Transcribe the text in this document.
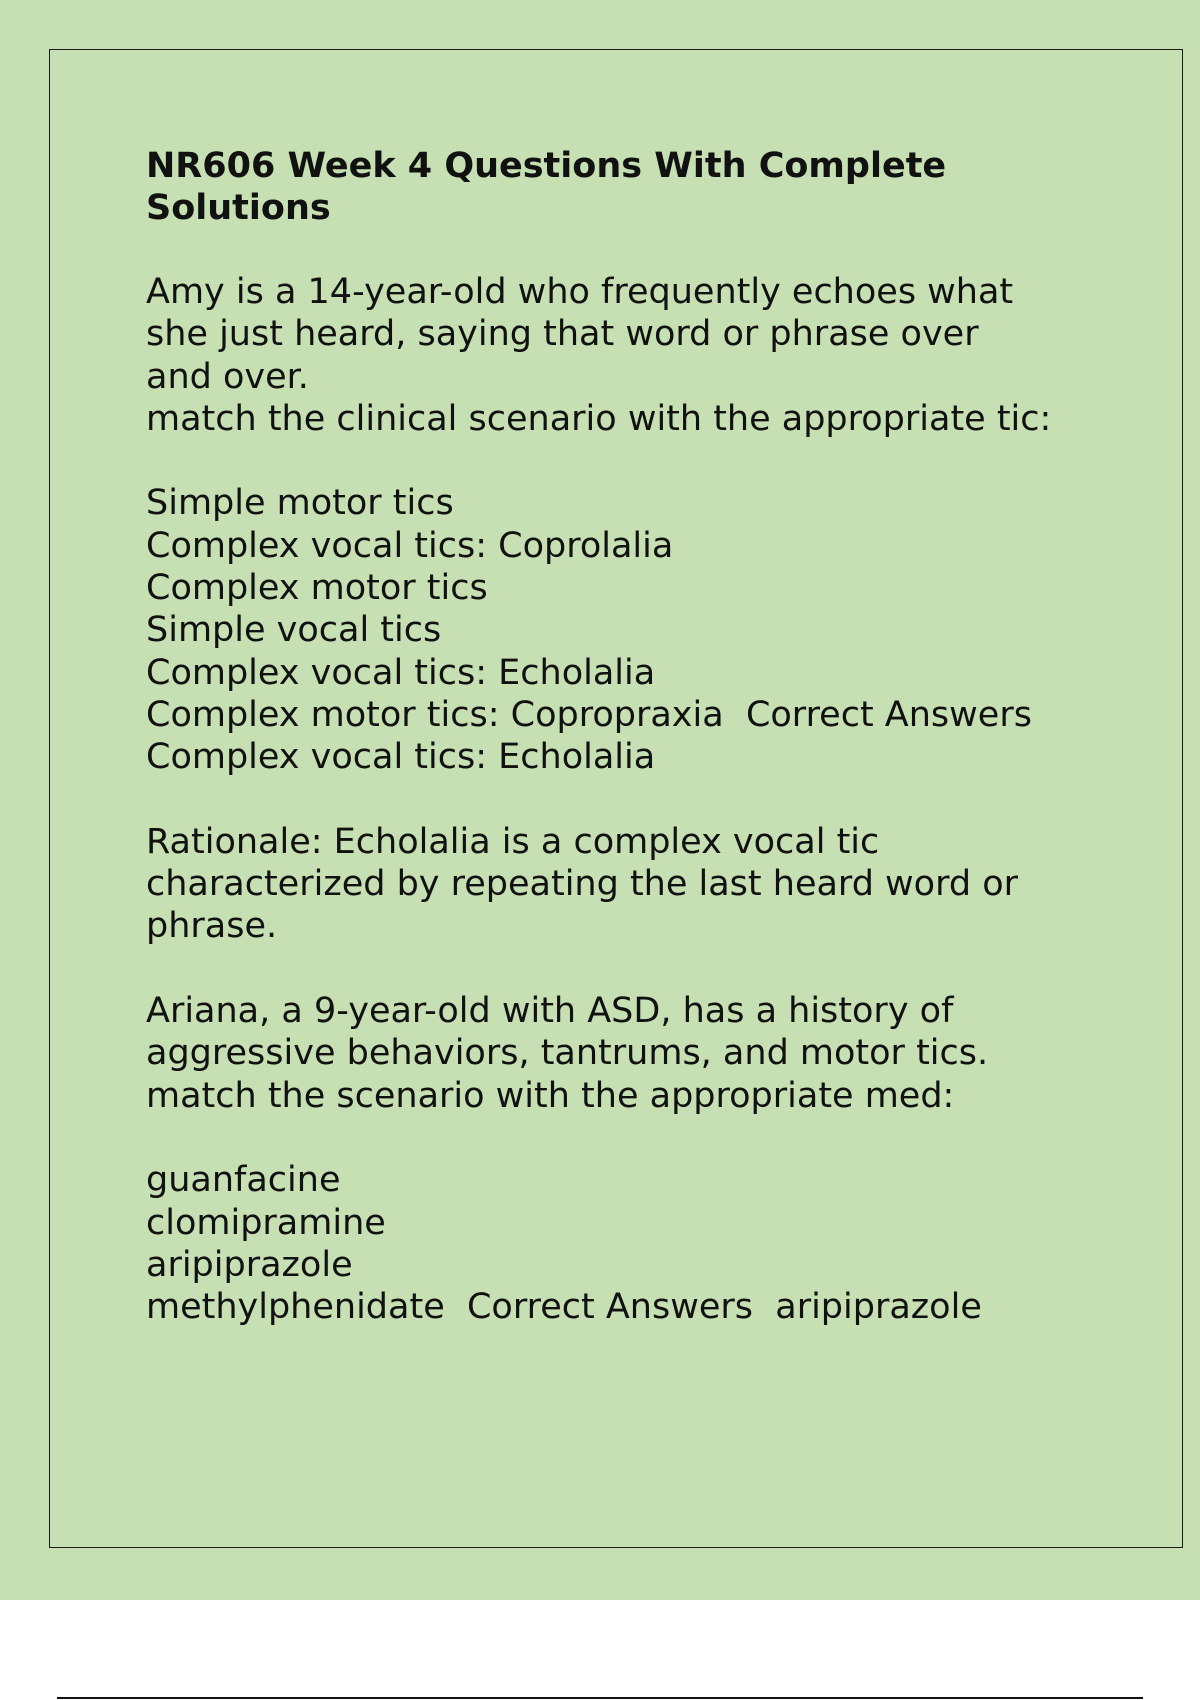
NR606 Week 4 Questions With Complete
Solutions
Amy is a 14-year-old who frequently echoes what
she just heard, saying that word or phrase over
and over.
match the clinical scenario with the appropriate tic:
Simple motor tics
Complex vocal tics: Coprolalia
Complex motor tics
Simple vocal tics
Complex vocal tics: Echolalia
Complex motor tics: Copropraxia  Correct Answers
Complex vocal tics: Echolalia
Rationale: Echolalia is a complex vocal tic
characterized by repeating the last heard word or
phrase.
Ariana, a 9-year-old with ASD, has a history of
aggressive behaviors, tantrums, and motor tics.
match the scenario with the appropriate med:
guanfacine
clomipramine
aripiprazole
methylphenidate  Correct Answers  aripiprazole
